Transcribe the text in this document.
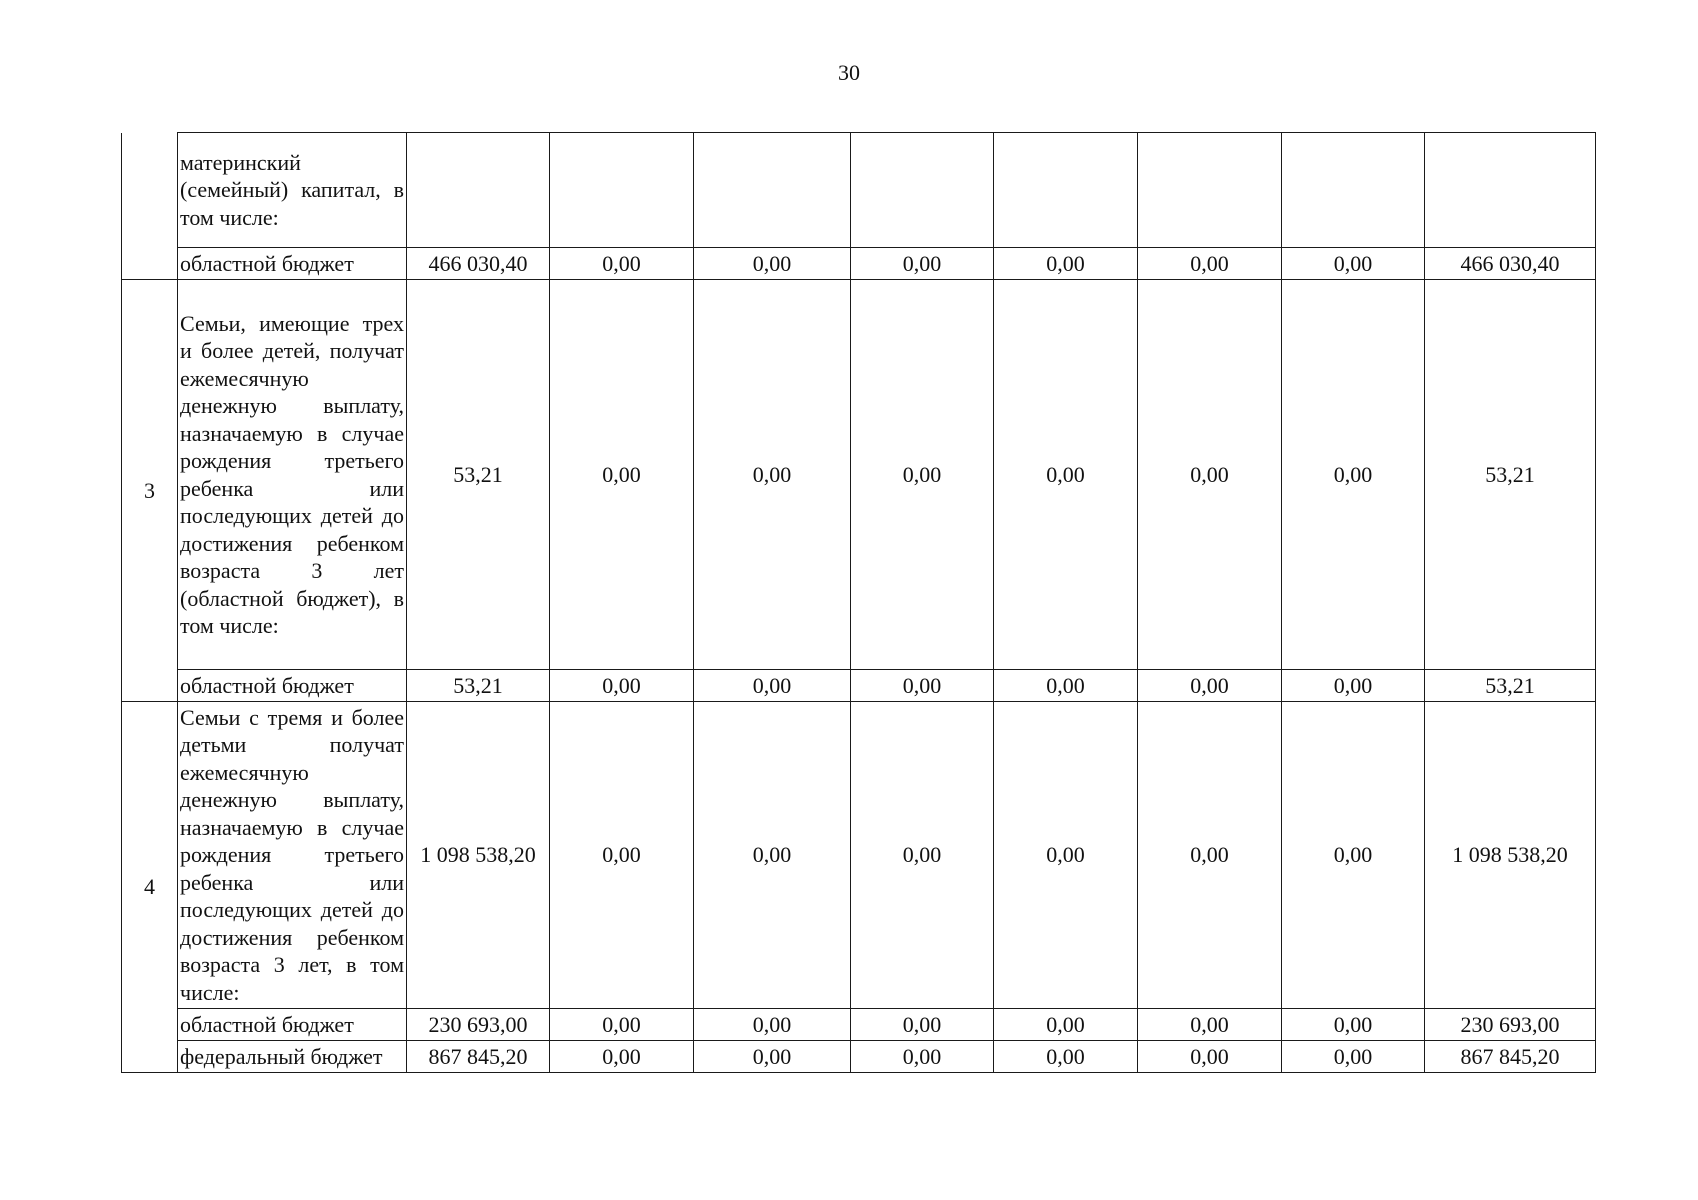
30
	материнский (семейный) капитал, в том числе:								
	областной бюджет	466 030,40	0,00	0,00	0,00	0,00	0,00	0,00	466 030,40
3	Семьи, имеющие трех и более детей, получат ежемесячную денежную выплату, назначаемую в случае рождения третьего ребенка или последующих детей до достижения ребенком возраста 3 лет (областной бюджет), в том числе:	53,21	0,00	0,00	0,00	0,00	0,00	0,00	53,21
	областной бюджет	53,21	0,00	0,00	0,00	0,00	0,00	0,00	53,21
4	Семьи с тремя и более детьми получат ежемесячную денежную выплату, назначаемую в случае рождения третьего ребенка или последующих детей до достижения ребенком возраста 3 лет, в том числе:	1 098 538,20	0,00	0,00	0,00	0,00	0,00	0,00	1 098 538,20
	областной бюджет	230 693,00	0,00	0,00	0,00	0,00	0,00	0,00	230 693,00
	федеральный бюджет	867 845,20	0,00	0,00	0,00	0,00	0,00	0,00	867 845,20
